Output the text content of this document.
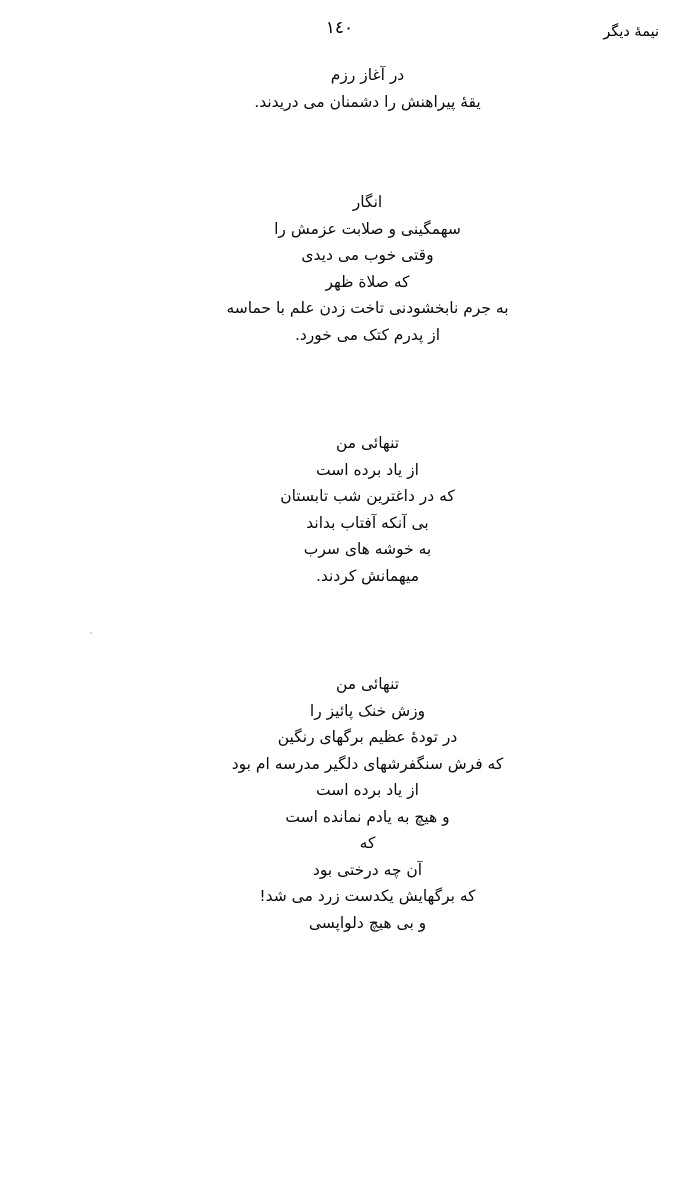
نیمهٔ دیگر
۱٤۰
در آغاز رزم
یقهٔ پیراهنش را دشمنان می دریدند.
انگار
سهمگینی و صلابت عزمش را
وقتی خوب می دیدی
که صلاة ظهر
به جرم نابخشودنی تاخت زدن علم با حماسه
از پدرم کتک می خورد.
تنهائی من
از یاد برده است
که در داغترین شب تابستان
بی آنکه آفتاب بداند
به خوشه های سرب
میهمانش کردند.
تنهائی من
وزش خنک پائیز را
در تودهٔ عظیم برگهای رنگین
که فرش سنگفرشهای دلگیر مدرسه ام بود
از یاد برده است
و هیچ به یادم نمانده است
که
آن چه درختی بود
که برگهایش یکدست زرد می شد!
و بی هیچ دلواپسی
